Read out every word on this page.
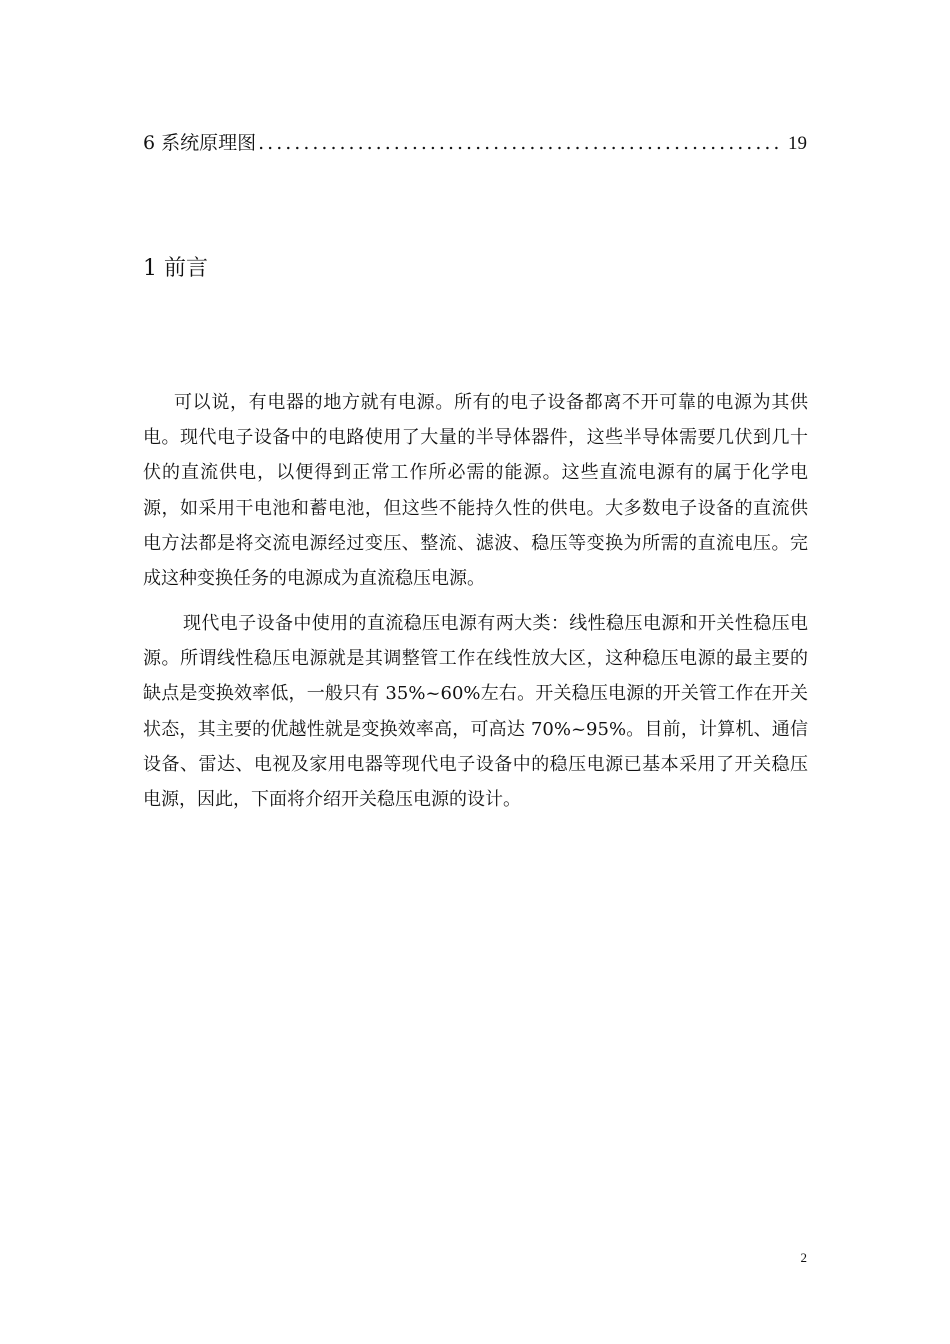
6 系统原理图
.....	19
1 前言

可以说，有电器的地方就有电源。所有的电子设备都离不开可靠的电源为其供电。现代电子设备中的电路使用了大量的半导体器件，这些半导体需要几伏到几十伏的直流供电，以便得到正常工作所必需的能源。这些直流电源有的属于化学电源，如采用干电池和蓄电池，但这些不能持久性的供电。大多数电子设备的直流供电方法都是将交流电源经过变压、整流、滤波、稳压等变换为所需的直流电压。完成这种变换任务的电源成为直流稳压电源。

现代电子设备中使用的直流稳压电源有两大类：线性稳压电源和开关性稳压电源。所谓线性稳压电源就是其调整管工作在线性放大区，这种稳压电源的最主要的缺点是变换效率低，一般只有 35%~60%左右。开关稳压电源的开关管工作在开关状态，其主要的优越性就是变换效率高，可高达 70%~95%。目前，计算机、通信设备、雷达、电视及家用电器等现代电子设备中的稳压电源已基本采用了开关稳压电源，因此，下面将介绍开关稳压电源的设计。

2
